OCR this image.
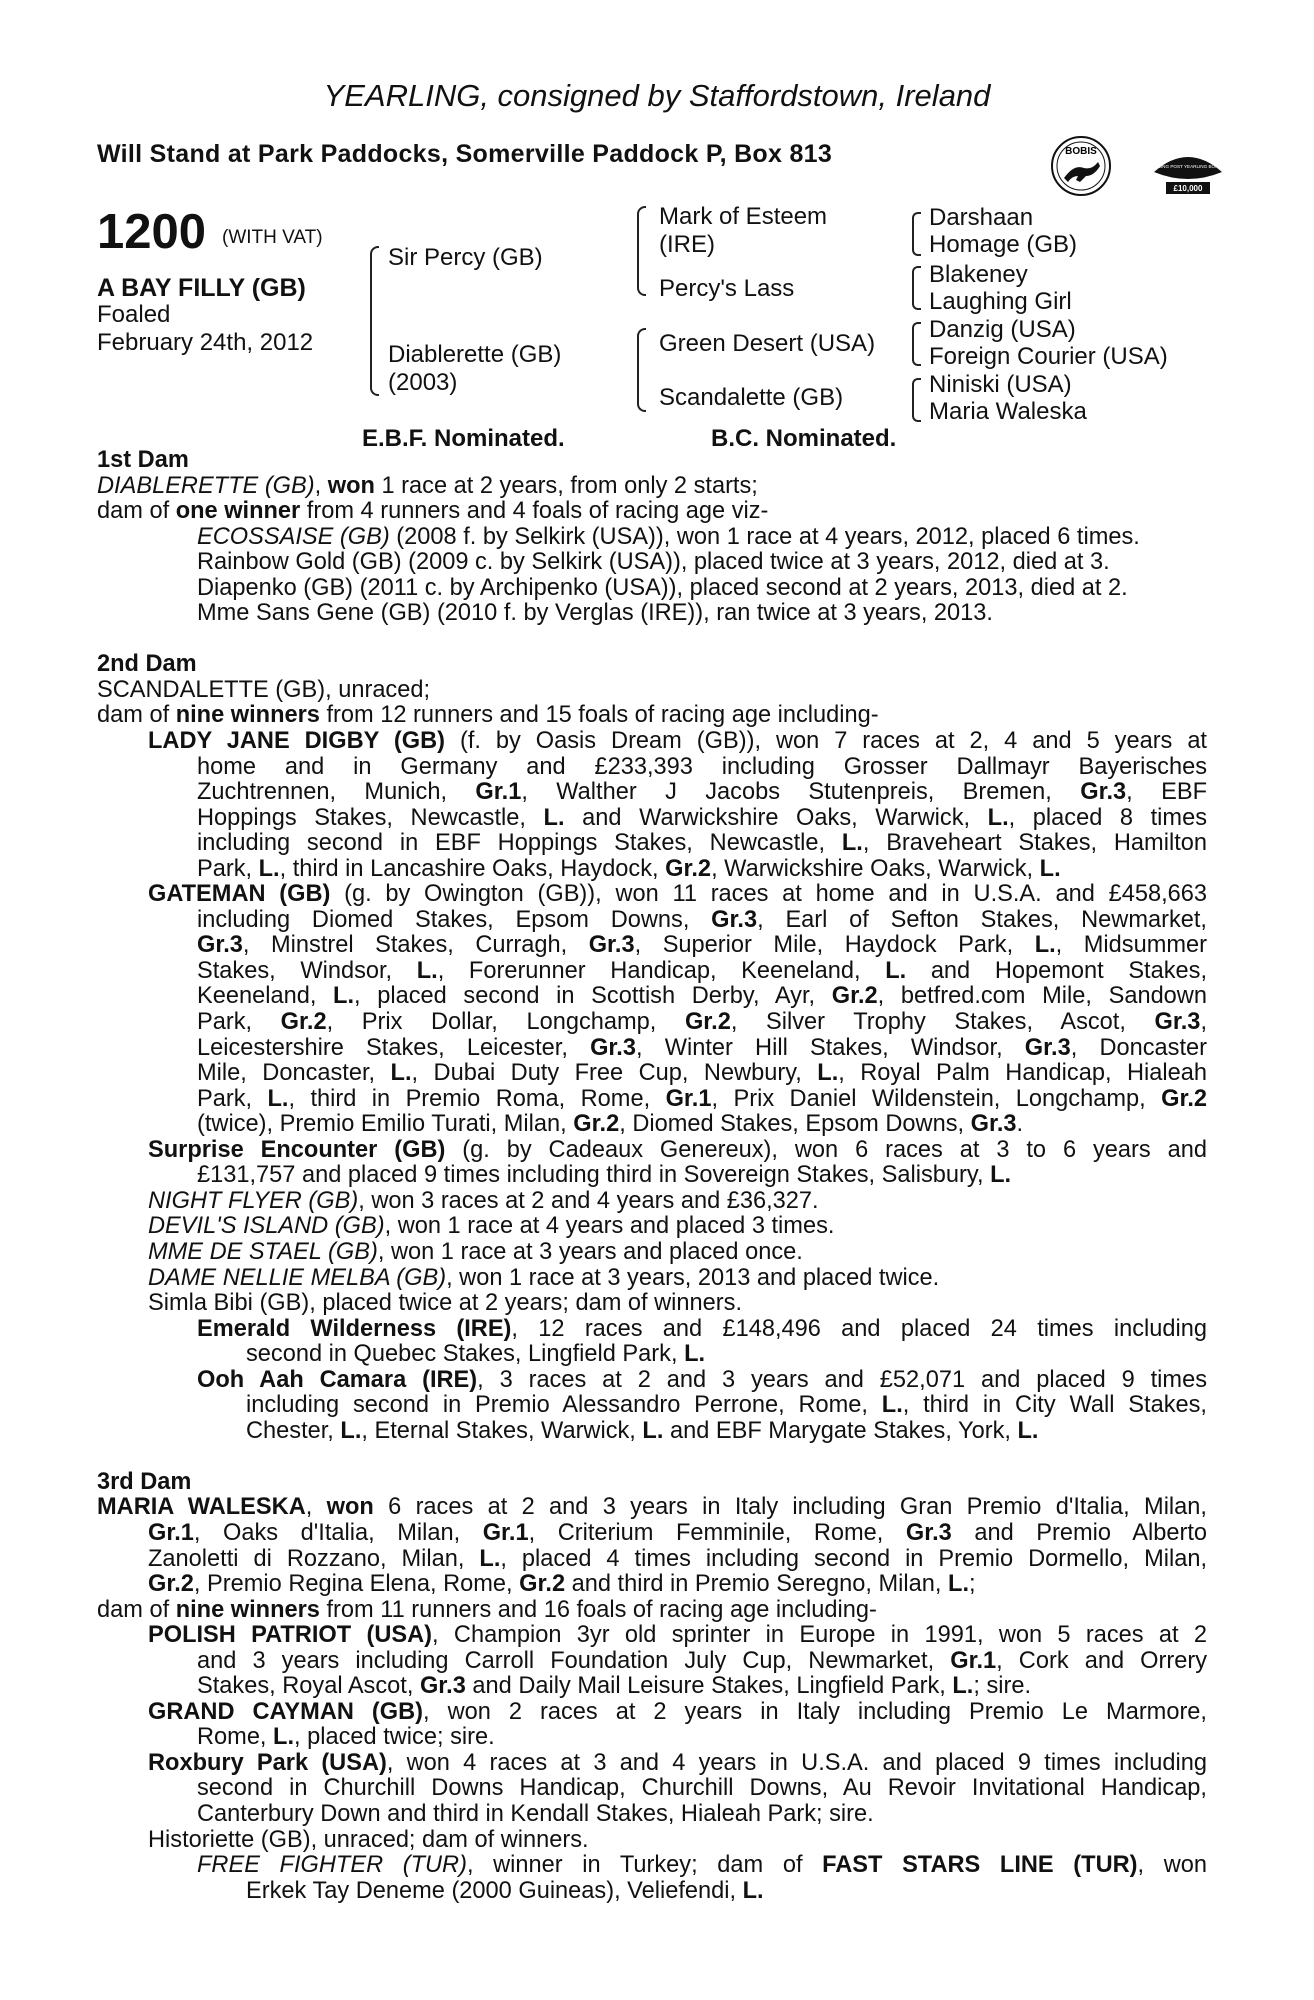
YEARLING, consigned by Staffordstown, Ireland
Will Stand at Park Paddocks, Somerville Paddock P, Box 813	BOBIS
RACING POST YEARLING BONUS
£10,000
1200 (WITH VAT)
A BAY FILLY (GB)
Foaled
February 24th, 2012
Sir Percy (GB)
Diablerette (GB)
(2003)
Mark of Esteem
(IRE)
Percy's Lass
Green Desert (USA)
Scandalette (GB)
Darshaan
Homage (GB)
Blakeney
Laughing Girl
Danzig (USA)
Foreign Courier (USA)
Niniski (USA)
Maria Waleska
E.B.F. Nominated.	B.C. Nominated.
1st Dam
DIABLERETTE (GB), won 1 race at 2 years, from only 2 starts;
dam of one winner from 4 runners and 4 foals of racing age viz-
ECOSSAISE (GB) (2008 f. by Selkirk (USA)), won 1 race at 4 years, 2012, placed 6 times.
Rainbow Gold (GB) (2009 c. by Selkirk (USA)), placed twice at 3 years, 2012, died at 3.
Diapenko (GB) (2011 c. by Archipenko (USA)), placed second at 2 years, 2013, died at 2.
Mme Sans Gene (GB) (2010 f. by Verglas (IRE)), ran twice at 3 years, 2013.
2nd Dam
SCANDALETTE (GB), unraced;
dam of nine winners from 12 runners and 15 foals of racing age including-
LADY JANE DIGBY (GB) (f. by Oasis Dream (GB)), won 7 races at 2, 4 and 5 years at
home and in Germany and £233,393 including Grosser Dallmayr Bayerisches
Zuchtrennen, Munich, Gr.1, Walther J Jacobs Stutenpreis, Bremen, Gr.3, EBF
Hoppings Stakes, Newcastle, L. and Warwickshire Oaks, Warwick, L., placed 8 times
including second in EBF Hoppings Stakes, Newcastle, L., Braveheart Stakes, Hamilton
Park, L., third in Lancashire Oaks, Haydock, Gr.2, Warwickshire Oaks, Warwick, L.
GATEMAN (GB) (g. by Owington (GB)), won 11 races at home and in U.S.A. and £458,663
including Diomed Stakes, Epsom Downs, Gr.3, Earl of Sefton Stakes, Newmarket,
Gr.3, Minstrel Stakes, Curragh, Gr.3, Superior Mile, Haydock Park, L., Midsummer
Stakes, Windsor, L., Forerunner Handicap, Keeneland, L. and Hopemont Stakes,
Keeneland, L., placed second in Scottish Derby, Ayr, Gr.2, betfred.com Mile, Sandown
Park, Gr.2, Prix Dollar, Longchamp, Gr.2, Silver Trophy Stakes, Ascot, Gr.3,
Leicestershire Stakes, Leicester, Gr.3, Winter Hill Stakes, Windsor, Gr.3, Doncaster
Mile, Doncaster, L., Dubai Duty Free Cup, Newbury, L., Royal Palm Handicap, Hialeah
Park, L., third in Premio Roma, Rome, Gr.1, Prix Daniel Wildenstein, Longchamp, Gr.2
(twice), Premio Emilio Turati, Milan, Gr.2, Diomed Stakes, Epsom Downs, Gr.3.
Surprise Encounter (GB) (g. by Cadeaux Genereux), won 6 races at 3 to 6 years and
£131,757 and placed 9 times including third in Sovereign Stakes, Salisbury, L.
NIGHT FLYER (GB), won 3 races at 2 and 4 years and £36,327.
DEVIL'S ISLAND (GB), won 1 race at 4 years and placed 3 times.
MME DE STAEL (GB), won 1 race at 3 years and placed once.
DAME NELLIE MELBA (GB), won 1 race at 3 years, 2013 and placed twice.
Simla Bibi (GB), placed twice at 2 years; dam of winners.
Emerald Wilderness (IRE), 12 races and £148,496 and placed 24 times including
second in Quebec Stakes, Lingfield Park, L.
Ooh Aah Camara (IRE), 3 races at 2 and 3 years and £52,071 and placed 9 times
including second in Premio Alessandro Perrone, Rome, L., third in City Wall Stakes,
Chester, L., Eternal Stakes, Warwick, L. and EBF Marygate Stakes, York, L.
3rd Dam
MARIA WALESKA, won 6 races at 2 and 3 years in Italy including Gran Premio d'Italia, Milan,
Gr.1, Oaks d'Italia, Milan, Gr.1, Criterium Femminile, Rome, Gr.3 and Premio Alberto
Zanoletti di Rozzano, Milan, L., placed 4 times including second in Premio Dormello, Milan,
Gr.2, Premio Regina Elena, Rome, Gr.2 and third in Premio Seregno, Milan, L.;
dam of nine winners from 11 runners and 16 foals of racing age including-
POLISH PATRIOT (USA), Champion 3yr old sprinter in Europe in 1991, won 5 races at 2
and 3 years including Carroll Foundation July Cup, Newmarket, Gr.1, Cork and Orrery
Stakes, Royal Ascot, Gr.3 and Daily Mail Leisure Stakes, Lingfield Park, L.; sire.
GRAND CAYMAN (GB), won 2 races at 2 years in Italy including Premio Le Marmore,
Rome, L., placed twice; sire.
Roxbury Park (USA), won 4 races at 3 and 4 years in U.S.A. and placed 9 times including
second in Churchill Downs Handicap, Churchill Downs, Au Revoir Invitational Handicap,
Canterbury Down and third in Kendall Stakes, Hialeah Park; sire.
Historiette (GB), unraced; dam of winners.
FREE FIGHTER (TUR), winner in Turkey; dam of FAST STARS LINE (TUR), won
Erkek Tay Deneme (2000 Guineas), Veliefendi, L.
